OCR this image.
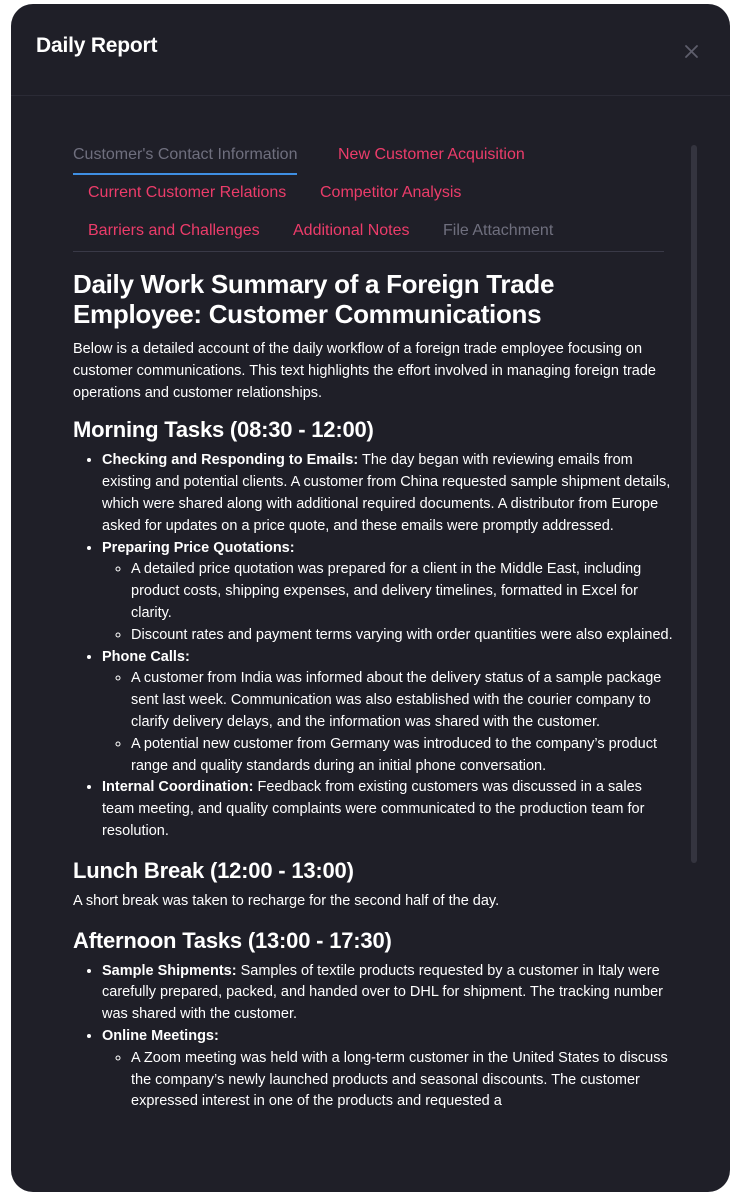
Daily Report
Customer's Contact Information	New Customer Acquisition
Current Customer Relations Competitor Analysis
Barriers and Challenges Additional Notes File Attachment
Daily Work Summary of a Foreign Trade Employee: Customer Communications

Below is a detailed account of the daily workflow of a foreign trade employee focusing on customer communications. This text highlights the effort involved in managing foreign trade operations and customer relationships.

Morning Tasks (08:30 - 12:00)
• Checking and Responding to Emails: The day began with reviewing emails from existing and potential clients. A customer from China requested sample shipment details, which were shared along with additional required documents. A distributor from Europe asked for updates on a price quote, and these emails were promptly addressed.
• Preparing Price Quotations:
◦ A detailed price quotation was prepared for a client in the Middle East, including product costs, shipping expenses, and delivery timelines, formatted in Excel for clarity.
◦ Discount rates and payment terms varying with order quantities were also explained.
• Phone Calls:
◦ A customer from India was informed about the delivery status of a sample package sent last week. Communication was also established with the courier company to clarify delivery delays, and the information was shared with the customer.
◦ A potential new customer from Germany was introduced to the company’s product range and quality standards during an initial phone conversation.
• Internal Coordination: Feedback from existing customers was discussed in a sales team meeting, and quality complaints were communicated to the production team for resolution.
Lunch Break (12:00 - 13:00)

A short break was taken to recharge for the second half of the day.

Afternoon Tasks (13:00 - 17:30)
• Sample Shipments: Samples of textile products requested by a customer in Italy were carefully prepared, packed, and handed over to DHL for shipment. The tracking number was shared with the customer.
• Online Meetings:
◦ A Zoom meeting was held with a long-term customer in the United States to discuss the company’s newly launched products and seasonal discounts. The customer expressed interest in one of the products and requested a
